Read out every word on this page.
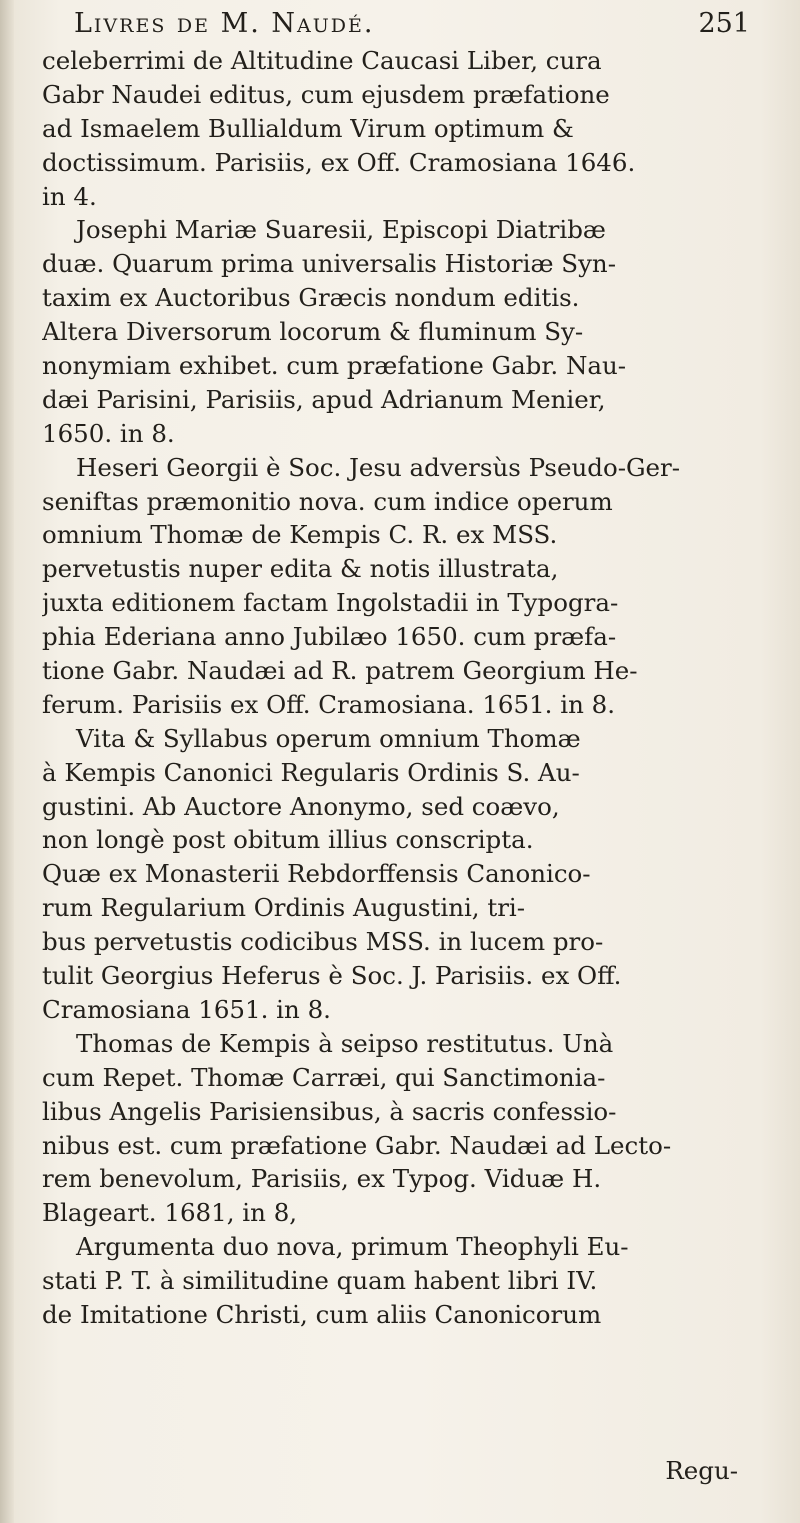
Livres de M. Naudé.	251
celeberrimi de Altitudine Caucasi Liber, cura
Gabr Naudei editus, cum ejusdem præfatione
ad Ismaelem Bullialdum Virum optimum &
doctissimum. Parisiis, ex Off. Cramosiana 1646.
in 4.
Josephi Mariæ Suaresii, Episcopi Diatribæ
duæ. Quarum prima universalis Historiæ Syn-
taxim ex Auctoribus Græcis nondum editis.
Altera Diversorum locorum & fluminum Sy-
nonymiam exhibet. cum præfatione Gabr. Nau-
dæi Parisini, Parisiis, apud Adrianum Menier,
1650. in 8.
Heseri Georgii è Soc. Jesu adversùs Pseudo-Ger-
seniftas præmonitio nova. cum indice operum
omnium Thomæ de Kempis C. R. ex MSS.
pervetustis nuper edita & notis illustrata,
juxta editionem factam Ingolstadii in Typogra-
phia Ederiana anno Jubilæo 1650. cum præfa-
tione Gabr. Naudæi ad R. patrem Georgium He-
ferum. Parisiis ex Off. Cramosiana. 1651. in 8.
Vita & Syllabus operum omnium Thomæ
à Kempis Canonici Regularis Ordinis S. Au-
gustini. Ab Auctore Anonymo, sed coævo,
non longè post obitum illius conscripta.
Quæ ex Monasterii Rebdorffensis Canonico-
rum Regularium Ordinis Augustini, tri-
bus pervetustis codicibus MSS. in lucem pro-
tulit Georgius Heferus è Soc. J. Parisiis. ex Off.
Cramosiana 1651. in 8.
Thomas de Kempis à seipso restitutus. Unà
cum Repet. Thomæ Carræi, qui Sanctimonia-
libus Angelis Parisiensibus, à sacris confessio-
nibus est. cum præfatione Gabr. Naudæi ad Lecto-
rem benevolum, Parisiis, ex Typog. Viduæ H.
Blageart. 1681, in 8,
Argumenta duo nova, primum Theophyli Eu-
stati P. T. à similitudine quam habent libri IV.
de Imitatione Christi, cum aliis Canonicorum
Regu-
